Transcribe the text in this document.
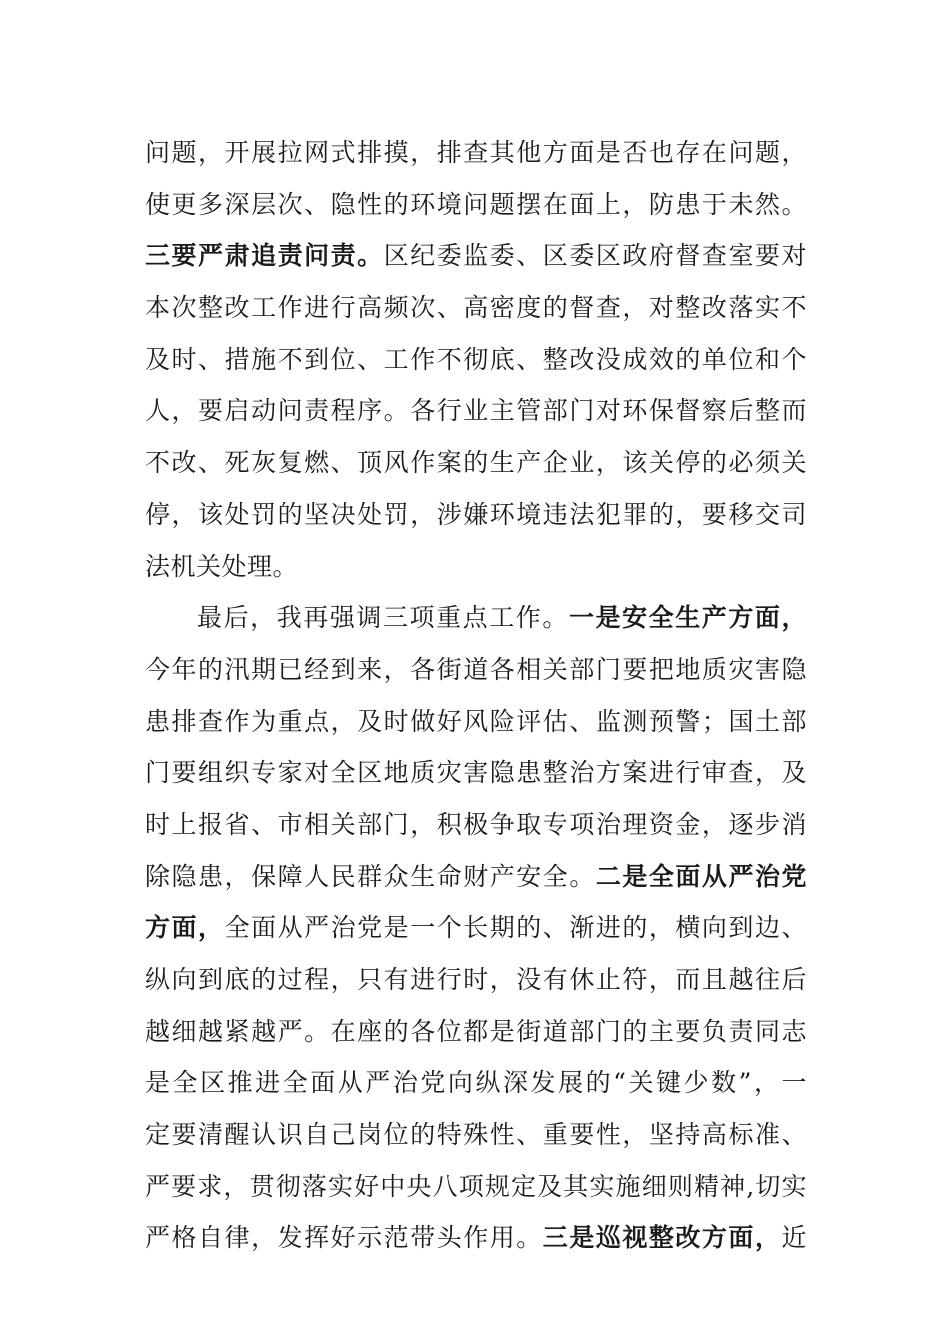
问题，开展拉网式排摸，排查其他方面是否也存在问题，
使更多深层次、隐性的环境问题摆在面上，防患于未然。
三要严肃追责问责。区纪委监委、区委区政府督查室要对
本次整改工作进行高频次、高密度的督查，对整改落实不
及时、措施不到位、工作不彻底、整改没成效的单位和个
人，要启动问责程序。各行业主管部门对环保督察后整而
不改、死灰复燃、顶风作案的生产企业，该关停的必须关
停，该处罚的坚决处罚，涉嫌环境违法犯罪的，要移交司
法机关处理。
最后，我再强调三项重点工作。一是安全生产方面，
今年的汛期已经到来，各街道各相关部门要把地质灾害隐
患排查作为重点，及时做好风险评估、监测预警；国土部
门要组织专家对全区地质灾害隐患整治方案进行审查，及
时上报省、市相关部门，积极争取专项治理资金，逐步消
除隐患，保障人民群众生命财产安全。二是全面从严治党
方面，全面从严治党是一个长期的、渐进的，横向到边、
纵向到底的过程，只有进行时，没有休止符，而且越往后
越细越紧越严。在座的各位都是街道部门的主要负责同志
是全区推进全面从严治党向纵深发展的“关键少数”，一
定要清醒认识自己岗位的特殊性、重要性，坚持高标准、
严要求，贯彻落实好中央八项规定及其实施细则精神,切实
严格自律，发挥好示范带头作用。三是巡视整改方面，近
